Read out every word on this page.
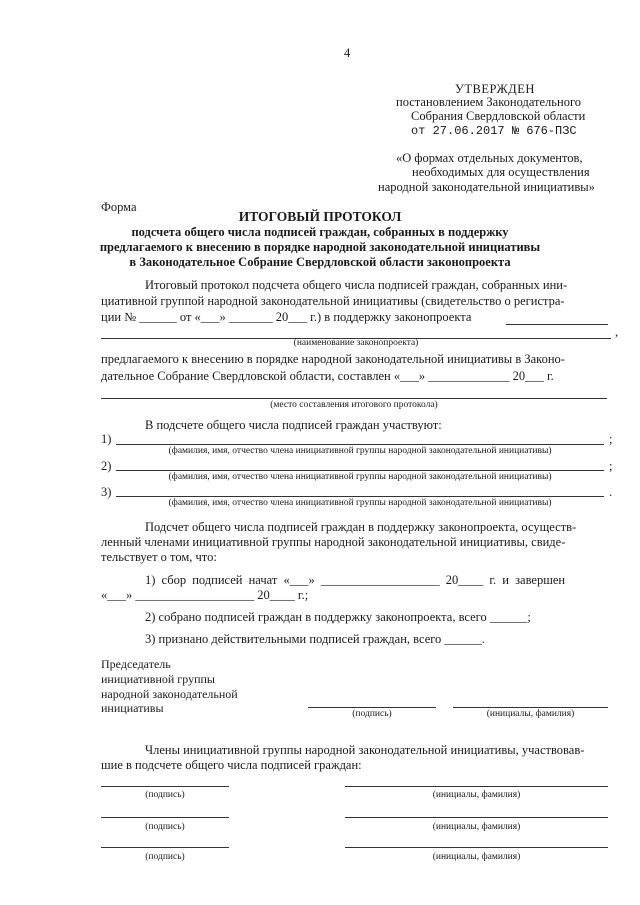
4
УТВЕРЖДЕН
постановлением Законодательного
Собрания Свердловской области
от 27.06.2017 № 676-ПЗС
«О формах отдельных документов,
необходимых для осуществления
народной законодательной инициативы»
Форма
ИТОГОВЫЙ ПРОТОКОЛ
подсчета общего числа подписей граждан, собранных в поддержку
предлагаемого к внесению в порядке народной законодательной инициативы
в Законодательное Собрание Свердловской области законопроекта
Итоговый протокол подсчета общего числа подписей граждан, собранных ини-
циативной группой народной законодательной инициативы (свидетельство о регистра-
ции № ______ от «___» _______ 20___ г.) в поддержку законопроекта
,
(наименование законопроекта)
предлагаемого к внесению в порядке народной законодательной инициативы в Законо-
дательное Собрание Свердловской области, составлен «___» _____________ 20___ г.
(место составления итогового протокола)
В подсчете общего числа подписей граждан участвуют:
1)	;
(фамилия, имя, отчество члена инициативной группы народной законодательной инициативы)
2)	;
(фамилия, имя, отчество члена инициативной группы народной законодательной инициативы)
3)	.
(фамилия, имя, отчество члена инициативной группы народной законодательной инициативы)
Подсчет общего числа подписей граждан в поддержку законопроекта, осуществ-
ленный членами инициативной группы народной законодательной инициативы, свиде-
тельствует о том, что:
1) сбор подписей начат «___» ___________________ 20____ г. и завершен
«___» ___________________ 20____ г.;
2) собрано подписей граждан в поддержку законопроекта, всего ______;
3) признано действительными подписей граждан, всего ______.
Председатель
инициативной группы
народной законодательной
инициативы	(подпись)	(инициалы, фамилия)
Члены инициативной группы народной законодательной инициативы, участвовав-
шие в подсчете общего числа подписей граждан:
(подпись)	(инициалы, фамилия)
(подпись)	(инициалы, фамилия)
(подпись)	(инициалы, фамилия)
